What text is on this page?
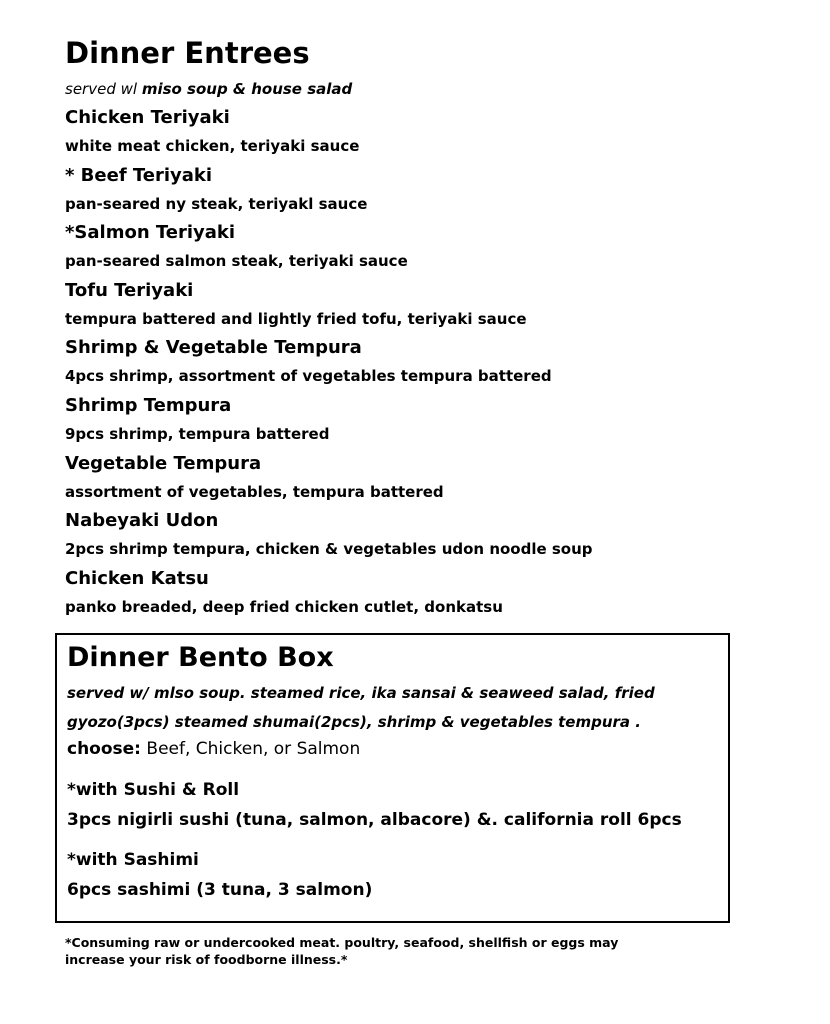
Dinner Entrees
served wl miso soup & house salad
Chicken Teriyaki
white meat chicken, teriyaki sauce
* Beef Teriyaki
pan-seared ny steak, teriyakl sauce
*Salmon Teriyaki
pan-seared salmon steak, teriyaki sauce
Tofu Teriyaki
tempura battered and lightly fried tofu, teriyaki sauce
Shrimp & Vegetable Tempura
4pcs shrimp, assortment of vegetables tempura battered
Shrimp Tempura
9pcs shrimp, tempura battered
Vegetable Tempura
assortment of vegetables, tempura battered
Nabeyaki Udon
2pcs shrimp tempura, chicken & vegetables udon noodle soup
Chicken Katsu
panko breaded, deep fried chicken cutlet, donkatsu
Dinner Bento Box
served w/ mlso soup. steamed rice, ika sansai & seaweed salad, fried
gyozo(3pcs) steamed shumai(2pcs), shrimp & vegetables tempura .
choose: Beef, Chicken, or Salmon
*with Sushi & Roll
3pcs nigirli sushi (tuna, salmon, albacore) &. california roll 6pcs
*with Sashimi
6pcs sashimi (3 tuna, 3 salmon)
*Consuming raw or undercooked meat. poultry, seafood, shellfish or eggs may
increase your risk of foodborne illness.*
